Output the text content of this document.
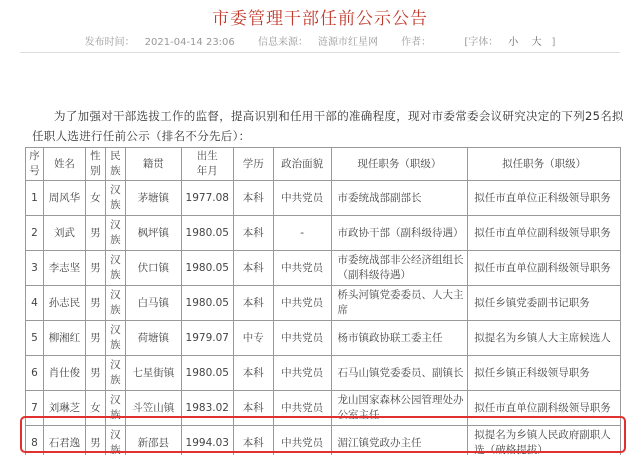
市委管理干部任前公示公告
发布时间： 2021-04-14 23:06 信息来源： 涟源市红星网 作者：	[字体： 小 大 ]

为了加强对干部选拔工作的监督，提高识别和任用干部的准确程度，现对市委常委会议研究决定的下列25名拟任职人选进行任前公示（排名不分先后）：

序号	姓名	性别	民族	籍贯	出生年月	学历	政治面貌	现任职务（职级）	拟任职务（职级）
1	周风华	女	汉族	茅塘镇	1977.08	本科	中共党员	市委统战部副部长	拟任市直单位正科级领导职务
2	刘武	男	汉族	枫坪镇	1980.05	本科	-	市政协干部（副科级待遇）	拟任市直单位副科级领导职务
3	李志坚	男	汉族	伏口镇	1980.05	本科	中共党员	市委统战部非公经济组组长（副科级待遇）	拟任市直单位副科级领导职务
4	孙志民	男	汉族	白马镇	1980.05	本科	中共党员	桥头河镇党委委员、人大主席	拟任乡镇党委副书记职务
5	柳湘红	男	汉族	荷塘镇	1979.07	中专	中共党员	杨市镇政协联工委主任	拟提名为乡镇人大主席候选人
6	肖仕俊	男	汉族	七星街镇	1980.05	本科	中共党员	石马山镇党委委员、副镇长	拟任乡镇正科级领导职务
7	刘琳芝	女	汉族	斗笠山镇	1983.02	本科	中共党员	龙山国家森林公园管理处办公室主任	拟任市直单位副科级领导职务
8	石君逸	男	汉族	新邵县	1994.03	本科	中共党员	湄江镇党政办主任	拟提名为乡镇人民政府副职人选（破格提拔）
